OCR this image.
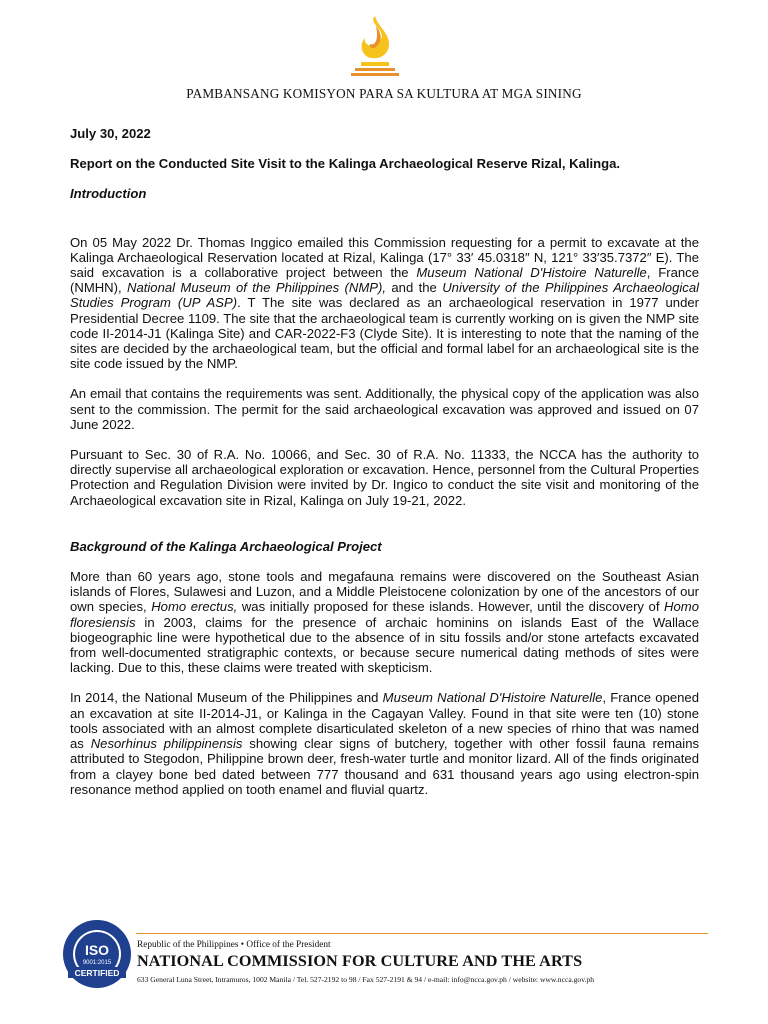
PAMBANSANG KOMISYON PARA SA KULTURA AT MGA SINING

July 30, 2022

Report on the Conducted Site Visit to the Kalinga Archaeological Reserve Rizal, Kalinga.

Introduction

On 05 May 2022 Dr. Thomas Inggico emailed this Commission requesting for a permit to excavate at the Kalinga Archaeological Reservation located at Rizal, Kalinga (17° 33′ 45.0318″ N, 121° 33′35.7372″ E). The said excavation is a collaborative project between the Museum National D'Histoire Naturelle, France (NMHN), National Museum of the Philippines (NMP), and the University of the Philippines Archaeological Studies Program (UP ASP). T The site was declared as an archaeological reservation in 1977 under Presidential Decree 1109. The site that the archaeological team is currently working on is given the NMP site code II-2014-J1 (Kalinga Site) and CAR-2022-F3 (Clyde Site). It is interesting to note that the naming of the sites are decided by the archaeological team, but the official and formal label for an archaeological site is the site code issued by the NMP.

An email that contains the requirements was sent. Additionally, the physical copy of the application was also sent to the commission. The permit for the said archaeological excavation was approved and issued on 07 June 2022.

Pursuant to Sec. 30 of R.A. No. 10066, and Sec. 30 of R.A. No. 11333, the NCCA has the authority to directly supervise all archaeological exploration or excavation. Hence, personnel from the Cultural Properties Protection and Regulation Division were invited by Dr. Ingico to conduct the site visit and monitoring of the Archaeological excavation site in Rizal, Kalinga on July 19-21, 2022.

Background of the Kalinga Archaeological Project

More than 60 years ago, stone tools and megafauna remains were discovered on the Southeast Asian islands of Flores, Sulawesi and Luzon, and a Middle Pleistocene colonization by one of the ancestors of our own species, Homo erectus, was initially proposed for these islands. However, until the discovery of Homo floresiensis in 2003, claims for the presence of archaic hominins on islands East of the Wallace biogeographic line were hypothetical due to the absence of in situ fossils and/or stone artefacts excavated from well-documented stratigraphic contexts, or because secure numerical dating methods of sites were lacking. Due to this, these claims were treated with skepticism.

In 2014, the National Museum of the Philippines and Museum National D'Histoire Naturelle, France opened an excavation at site II-2014-J1, or Kalinga in the Cagayan Valley. Found in that site were ten (10) stone tools associated with an almost complete disarticulated skeleton of a new species of rhino that was named as Nesorhinus philippinensis showing clear signs of butchery, together with other fossil fauna remains attributed to Stegodon, Philippine brown deer, fresh-water turtle and monitor lizard. All of the finds originated from a clayey bone bed dated between 777 thousand and 631 thousand years ago using electron-spin resonance method applied on tooth enamel and fluvial quartz.

ISO
9001:2015
CERTIFIED
Republic of the Philippines • Office of the President
NATIONAL COMMISSION FOR CULTURE AND THE ARTS
633 General Luna Street, Intramuros, 1002 Manila / Tel. 527-2192 to 98 / Fax 527-2191 & 94 / e-mail: info@ncca.gov.ph / website: www.ncca.gov.ph
